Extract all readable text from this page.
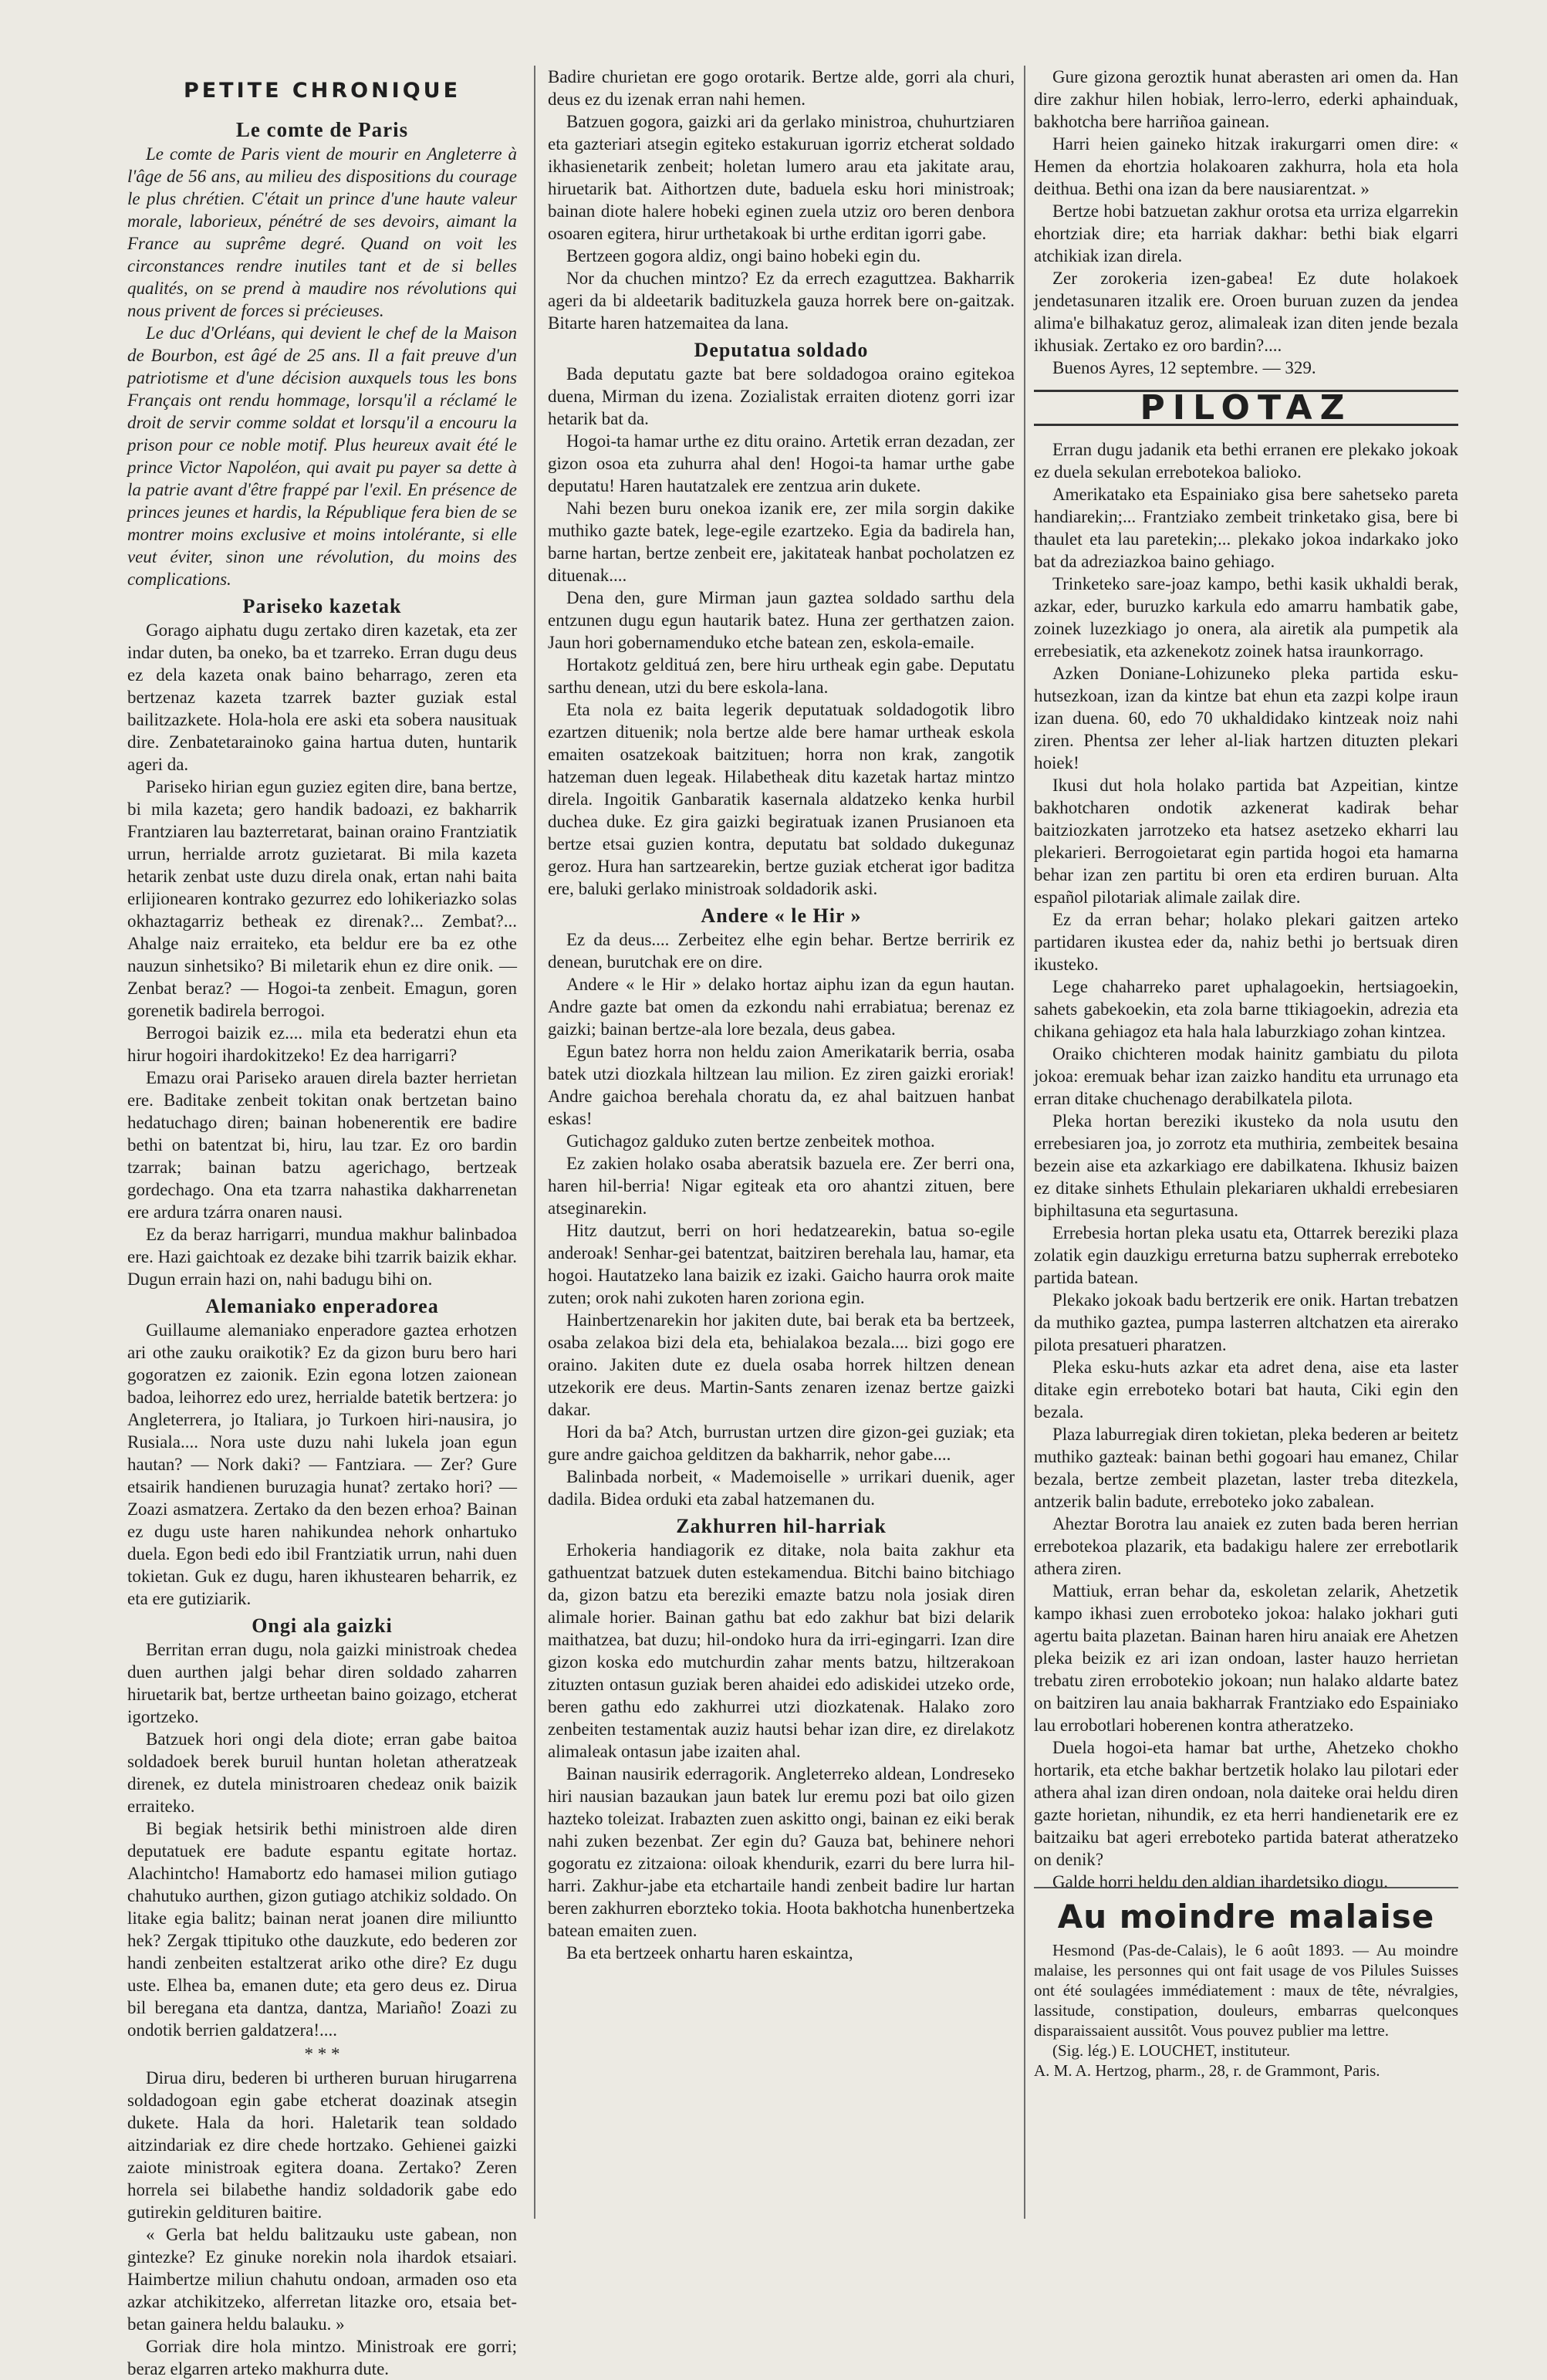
PETITE CHRONIQUE
Le comte de Paris

Le comte de Paris vient de mourir en Angleterre à l'âge de 56 ans, au milieu des dispositions du courage le plus chrétien. C'était un prince d'une haute valeur morale, laborieux, pénétré de ses devoirs, aimant la France au suprême degré. Quand on voit les circonstances rendre inutiles tant et de si belles qualités, on se prend à maudire nos révolutions qui nous privent de forces si précieuses.

Le duc d'Orléans, qui devient le chef de la Maison de Bourbon, est âgé de 25 ans. Il a fait preuve d'un patriotisme et d'une décision auxquels tous les bons Français ont rendu hommage, lorsqu'il a réclamé le droit de servir comme soldat et lorsqu'il a encouru la prison pour ce noble motif. Plus heureux avait été le prince Victor Napoléon, qui avait pu payer sa dette à la patrie avant d'être frappé par l'exil. En présence de princes jeunes et hardis, la République fera bien de se montrer moins exclusive et moins intolérante, si elle veut éviter, sinon une révolution, du moins des complications.

Pariseko kazetak

Gorago aiphatu dugu zertako diren kazetak, eta zer indar duten, ba oneko, ba et tzarreko. Erran dugu deus ez dela kazeta onak baino beharrago, zeren eta bertzenaz kazeta tzarrek bazter guziak estal bailitzazkete. Hola-hola ere aski eta sobera nausituak dire. Zenbatetarainoko gaina hartua duten, huntarik ageri da.

Pariseko hirian egun guziez egiten dire, bana bertze, bi mila kazeta; gero handik badoazi, ez bakharrik Frantziaren lau bazterretarat, bainan oraino Frantziatik urrun, herrialde arrotz guzietarat. Bi mila kazeta hetarik zenbat uste duzu direla onak, ertan nahi baita erlijionearen kontrako gezurrez edo lohikeriazko solas okhaztagarriz betheak ez direnak?... Zembat?... Ahalge naiz erraiteko, eta beldur ere ba ez othe nauzun sinhetsiko? Bi miletarik ehun ez dire onik. — Zenbat beraz? — Hogoi-ta zenbeit. Emagun, goren gorenetik badirela berrogoi.

Berrogoi baizik ez.... mila eta bederatzi ehun eta hirur hogoiri ihardokitzeko! Ez dea harrigarri?

Emazu orai Pariseko arauen direla bazter herrietan ere. Baditake zenbeit tokitan onak bertzetan baino hedatuchago diren; bainan hobenerentik ere badire bethi on batentzat bi, hiru, lau tzar. Ez oro bardin tzarrak; bainan batzu agerichago, bertzeak gordechago. Ona eta tzarra nahastika dakharrenetan ere ardura tzárra onaren nausi.

Ez da beraz harrigarri, mundua makhur balinbadoa ere. Hazi gaichtoak ez dezake bihi tzarrik baizik ekhar. Dugun errain hazi on, nahi badugu bihi on.

Alemaniako enperadorea

Guillaume alemaniako enperadore gaztea erhotzen ari othe zauku oraikotik? Ez da gizon buru bero hari gogoratzen ez zaionik. Ezin egona lotzen zaionean badoa, leihorrez edo urez, herrialde batetik bertzera: jo Angleterrera, jo Italiara, jo Turkoen hiri-nausira, jo Rusiala.... Nora uste duzu nahi lukela joan egun hautan? — Nork daki? — Fantziara. — Zer? Gure etsairik handienen buruzagia hunat? zertako hori? — Zoazi asmatzera. Zertako da den bezen erhoa? Bainan ez dugu uste haren nahikundea nehork onhartuko duela. Egon bedi edo ibil Frantziatik urrun, nahi duen tokietan. Guk ez dugu, haren ikhustearen beharrik, ez eta ere gutiziarik.

Ongi ala gaizki

Berritan erran dugu, nola gaizki ministroak chedea duen aurthen jalgi behar diren soldado zaharren hiruetarik bat, bertze urtheetan baino goizago, etcherat igortzeko.

Batzuek hori ongi dela diote; erran gabe baitoa soldadoek berek buruil huntan holetan atheratzeak direnek, ez dutela ministroaren chedeaz onik baizik erraiteko.

Bi begiak hetsirik bethi ministroen alde diren deputatuek ere badute espantu egitate hortaz. Alachintcho! Hamabortz edo hamasei milion gutiago chahutuko aurthen, gizon gutiago atchikiz soldado. On litake egia balitz; bainan nerat joanen dire miliuntto hek? Zergak ttipituko othe dauzkute, edo bederen zor handi zenbeiten estaltzerat ariko othe dire? Ez dugu uste. Elhea ba, emanen dute; eta gero deus ez. Dirua bil beregana eta dantza, dantza, Mariaño! Zoazi zu ondotik berrien galdatzera!....

* * *

Dirua diru, bederen bi urtheren buruan hirugarrena soldadogoan egin gabe etcherat doazinak atsegin dukete. Hala da hori. Haletarik tean soldado aitzindariak ez dire chede hortzako. Gehienei gaizki zaiote ministroak egitera doana. Zertako? Zeren horrela sei bilabethe handiz soldadorik gabe edo gutirekin geldituren baitire.

« Gerla bat heldu balitzauku uste gabean, non gintezke? Ez ginuke norekin nola ihardok etsaiari. Haimbertze miliun chahutu ondoan, armaden oso eta azkar atchikitzeko, alferretan litazke oro, etsaia bet-betan gainera heldu balauku. »

Gorriak dire hola mintzo. Ministroak ere gorri; beraz elgarren arteko makhurra dute.

Badire churietan ere gogo orotarik. Bertze alde, gorri ala churi, deus ez du izenak erran nahi hemen.

Batzuen gogora, gaizki ari da gerlako ministroa, chuhurtziaren eta gazteriari atsegin egiteko estakuruan igorriz etcherat soldado ikhasienetarik zenbeit; holetan lumero arau eta jakitate arau, hiruetarik bat. Aithortzen dute, baduela esku hori ministroak; bainan diote halere hobeki eginen zuela utziz oro beren denbora osoaren egitera, hirur urthetakoak bi urthe erditan igorri gabe.

Bertzeen gogora aldiz, ongi baino hobeki egin du.

Nor da chuchen mintzo? Ez da errech ezaguttzea. Bakharrik ageri da bi aldeetarik badituzkela gauza horrek bere on-gaitzak. Bitarte haren hatzemaitea da lana.

Deputatua soldado

Bada deputatu gazte bat bere soldadogoa oraino egitekoa duena, Mirman du izena. Zozialistak erraiten diotenz gorri izar hetarik bat da.

Hogoi-ta hamar urthe ez ditu oraino. Artetik erran dezadan, zer gizon osoa eta zuhurra ahal den! Hogoi-ta hamar urthe gabe deputatu! Haren hautatzalek ere zentzua arin dukete.

Nahi bezen buru onekoa izanik ere, zer mila sorgin dakike muthiko gazte batek, lege-egile ezartzeko. Egia da badirela han, barne hartan, bertze zenbeit ere, jakitateak hanbat pocholatzen ez dituenak....

Dena den, gure Mirman jaun gaztea soldado sarthu dela entzunen dugu egun hautarik batez. Huna zer gerthatzen zaion. Jaun hori gobernamenduko etche batean zen, eskola-emaile.

Hortakotz geldituá zen, bere hiru urtheak egin gabe. Deputatu sarthu denean, utzi du bere eskola-lana.

Eta nola ez baita legerik deputatuak soldadogotik libro ezartzen dituenik; nola bertze alde bere hamar urtheak eskola emaiten osatzekoak baitzituen; horra non krak, zangotik hatzeman duen legeak. Hilabetheak ditu kazetak hartaz mintzo direla. Ingoitik Ganbaratik kasernala aldatzeko kenka hurbil duchea duke. Ez gira gaizki begiratuak izanen Prusianoen eta bertze etsai guzien kontra, deputatu bat soldado dukegunaz geroz. Hura han sartzearekin, bertze guziak etcherat igor baditza ere, baluki gerlako ministroak soldadorik aski.

Andere « le Hir »

Ez da deus.... Zerbeitez elhe egin behar. Bertze berririk ez denean, burutchak ere on dire.

Andere « le Hir » delako hortaz aiphu izan da egun hautan. Andre gazte bat omen da ezkondu nahi errabiatua; berenaz ez gaizki; bainan bertze-ala lore bezala, deus gabea.

Egun batez horra non heldu zaion Amerikatarik berria, osaba batek utzi diozkala hiltzean lau milion. Ez ziren gaizki eroriak! Andre gaichoa berehala choratu da, ez ahal baitzuen hanbat eskas!

Gutichagoz galduko zuten bertze zenbeitek mothoa.

Ez zakien holako osaba aberatsik bazuela ere. Zer berri ona, haren hil-berria! Nigar egiteak eta oro ahantzi zituen, bere atseginarekin.

Hitz dautzut, berri on hori hedatzearekin, batua so-egile anderoak! Senhar-gei batentzat, baitziren berehala lau, hamar, eta hogoi. Hautatzeko lana baizik ez izaki. Gaicho haurra orok maite zuten; orok nahi zukoten haren zoriona egin.

Hainbertzenarekin hor jakiten dute, bai berak eta ba bertzeek, osaba zelakoa bizi dela eta, behialakoa bezala.... bizi gogo ere oraino. Jakiten dute ez duela osaba horrek hiltzen denean utzekorik ere deus. Martin-Sants zenaren izenaz bertze gaizki dakar.

Hori da ba? Atch, burrustan urtzen dire gizon-gei guziak; eta gure andre gaichoa gelditzen da bakharrik, nehor gabe....

Balinbada norbeit, « Mademoiselle » urrikari duenik, ager dadila. Bidea orduki eta zabal hatzemanen du.

Zakhurren hil-harriak

Erhokeria handiagorik ez ditake, nola baita zakhur eta gathuentzat batzuek duten estekamendua. Bitchi baino bitchiago da, gizon batzu eta bereziki emazte batzu nola josiak diren alimale horier. Bainan gathu bat edo zakhur bat bizi delarik maithatzea, bat duzu; hil-ondoko hura da irri-egingarri. Izan dire gizon koska edo mutchurdin zahar ments batzu, hiltzerakoan zituzten ontasun guziak beren ahaidei edo adiskidei utzeko orde, beren gathu edo zakhurrei utzi diozkatenak. Halako zoro zenbeiten testamentak auziz hautsi behar izan dire, ez direlakotz alimaleak ontasun jabe izaiten ahal.

Bainan nausirik ederragorik. Angleterreko aldean, Londreseko hiri nausian bazaukan jaun batek lur eremu pozi bat oilo gizen hazteko toleizat. Irabazten zuen askitto ongi, bainan ez eiki berak nahi zuken bezenbat. Zer egin du? Gauza bat, behinere nehori gogoratu ez zitzaiona: oiloak khendurik, ezarri du bere lurra hil-harri. Zakhur-jabe eta etchartaile handi zenbeit badire lur hartan beren zakhurren eborzteko tokia. Hoota bakhotcha hunenbertzeka batean emaiten zuen.

Ba eta bertzeek onhartu haren eskaintza,

Gure gizona geroztik hunat aberasten ari omen da. Han dire zakhur hilen hobiak, lerro-lerro, ederki aphainduak, bakhotcha bere harriñoa gainean.

Harri heien gaineko hitzak irakurgarri omen dire: « Hemen da ehortzia holakoaren zakhurra, hola eta hola deithua. Bethi ona izan da bere nausiarentzat. »

Bertze hobi batzuetan zakhur orotsa eta urriza elgarrekin ehortziak dire; eta harriak dakhar: bethi biak elgarri atchikiak izan direla.

Zer zorokeria izen-gabea! Ez dute holakoek jendetasunaren itzalik ere. Oroen buruan zuzen da jendea alima'e bilhakatuz geroz, alimaleak izan diten jende bezala ikhusiak. Zertako ez oro bardin?....

Buenos Ayres, 12 septembre. — 329.

PILOTAZ

Erran dugu jadanik eta bethi erranen ere plekako jokoak ez duela sekulan errebotekoa balioko.

Amerikatako eta Espainiako gisa bere sahetseko pareta handiarekin;... Frantziako zembeit trinketako gisa, bere bi thaulet eta lau paretekin;... plekako jokoa indarkako joko bat da adreziazkoa baino gehiago.

Trinketeko sare-joaz kampo, bethi kasik ukhaldi berak, azkar, eder, buruzko karkula edo amarru hambatik gabe, zoinek luzezkiago jo onera, ala airetik ala pumpetik ala errebesiatik, eta azkenekotz zoinek hatsa iraunkorrago.

Azken Doniane-Lohizuneko pleka partida esku-hutsezkoan, izan da kintze bat ehun eta zazpi kolpe iraun izan duena. 60, edo 70 ukhaldidako kintzeak noiz nahi ziren. Phentsa zer leher al-liak hartzen dituzten plekari hoiek!

Ikusi dut hola holako partida bat Azpeitian, kintze bakhotcharen ondotik azkenerat kadirak behar baitziozkaten jarrotzeko eta hatsez asetzeko ekharri lau plekarieri. Berrogoietarat egin partida hogoi eta hamarna behar izan zen partitu bi oren eta erdiren buruan. Alta español pilotariak alimale zailak dire.

Ez da erran behar; holako plekari gaitzen arteko partidaren ikustea eder da, nahiz bethi jo bertsuak diren ikusteko.

Lege chaharreko paret uphalagoekin, hertsiagoekin, sahets gabekoekin, eta zola barne ttikiagoekin, adrezia eta chikana gehiagoz eta hala hala laburzkiago zohan kintzea.

Oraiko chichteren modak hainitz gambiatu du pilota jokoa: eremuak behar izan zaizko handitu eta urrunago eta erran ditake chuchenago derabilkatela pilota.

Pleka hortan bereziki ikusteko da nola usutu den errebesiaren joa, jo zorrotz eta muthiria, zembeitek besaina bezein aise eta azkarkiago ere dabilkatena. Ikhusiz baizen ez ditake sinhets Ethulain plekariaren ukhaldi errebesiaren biphiltasuna eta segurtasuna.

Errebesia hortan pleka usatu eta, Ottarrek bereziki plaza zolatik egin dauzkigu erreturna batzu supherrak erreboteko partida batean.

Plekako jokoak badu bertzerik ere onik. Hartan trebatzen da muthiko gaztea, pumpa lasterren altchatzen eta airerako pilota presatueri pharatzen.

Pleka esku-huts azkar eta adret dena, aise eta laster ditake egin erreboteko botari bat hauta, Ciki egin den bezala.

Plaza laburregiak diren tokietan, pleka bederen ar beitetz muthiko gazteak: bainan bethi gogoari hau emanez, Chilar bezala, bertze zembeit plazetan, laster treba ditezkela, antzerik balin badute, erreboteko joko zabalean.

Aheztar Borotra lau anaiek ez zuten bada beren herrian errebotekoa plazarik, eta badakigu halere zer errebotlarik athera ziren.

Mattiuk, erran behar da, eskoletan zelarik, Ahetzetik kampo ikhasi zuen erroboteko jokoa: halako jokhari guti agertu baita plazetan. Bainan haren hiru anaiak ere Ahetzen pleka beizik ez ari izan ondoan, laster hauzo herrietan trebatu ziren errobotekio jokoan; nun halako aldarte batez on baitziren lau anaia bakharrak Frantziako edo Espainiako lau errobotlari hoberenen kontra atheratzeko.

Duela hogoi-eta hamar bat urthe, Ahetzeko chokho hortarik, eta etche bakhar bertzetik holako lau pilotari eder athera ahal izan diren ondoan, nola daiteke orai heldu diren gazte horietan, nihundik, ez eta herri handienetarik ere ez baitzaiku bat ageri erreboteko partida baterat atheratzeko on denik?

Galde horri heldu den aldian ihardetsiko diogu.

Au moindre malaise
Hesmond (Pas-de-Calais), le 6 août 1893. — Au moindre malaise, les personnes qui ont fait usage de vos Pilules Suisses ont été soulagées immédiatement : maux de tête, névralgies, lassitude, constipation, douleurs, embarras quelconques disparaissaient aussitôt. Vous pouvez publier ma lettre.
(Sig. lég.) E. LOUCHET, instituteur.
A. M. A. Hertzog, pharm., 28, r. de Grammont, Paris.
